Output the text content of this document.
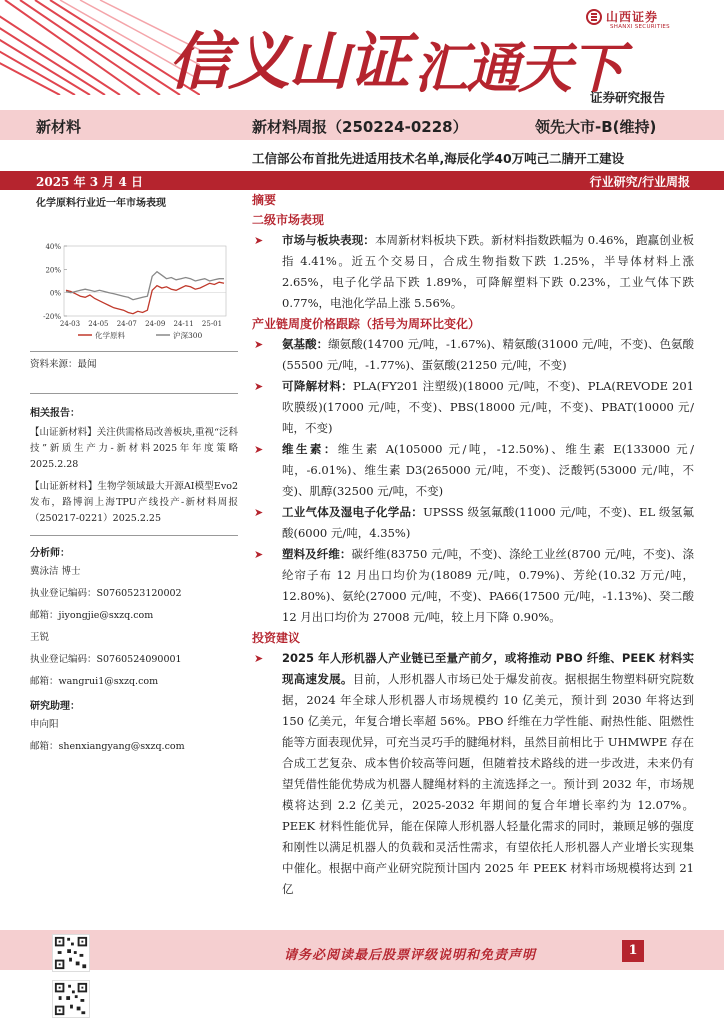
信义山证 汇通天下
山西证券
SHANXI SECURITIES
证券研究报告
新材料	新材料周报（250224-0228）	领先大市-B(维持)
工信部公布首批先进适用技术名单,海辰化学40万吨己二腈开工建设
2025 年 3 月 4 日	行业研究/行业周报
化学原料行业近一年市场表现
40%
20%
0%
-20%
24-03 24-05 24-07 24-09 24-11 25-01
化学原料	沪深300
资料来源：最闻
相关报告：
【山证新材料】关注供需格局改善板块,重视“泛科技”新质生产力-新材料2025年年度策略 2025.2.28
【山证新材料】生物学领域最大开源AI模型Evo2发布，路博润上海TPU产线投产-新材料周报（250217-0221）2025.2.25
分析师：
冀泳洁 博士
执业登记编码：S0760523120002
邮箱：jiyongjie@sxzq.com
王锐
执业登记编码：S0760524090001
邮箱：wangrui1@sxzq.com
研究助理：
申向阳
邮箱：shenxiangyang@sxzq.com
摘要
二级市场表现
➤ 市场与板块表现：本周新材料板块下跌。新材料指数跌幅为 0.46%，跑赢创业板指 4.41%。近五个交易日，合成生物指数下跌 1.25%，半导体材料上涨 2.65%，电子化学品下跌 1.89%，可降解塑料下跌 0.23%，工业气体下跌 0.77%，电池化学品上涨 5.56%。
产业链周度价格跟踪（括号为周环比变化）
➤ 氨基酸：缬氨酸(14700 元/吨，-1.67%)、精氨酸(31000 元/吨，不变)、色氨酸(55500 元/吨，-1.77%)、蛋氨酸(21250 元/吨，不变)
➤ 可降解材料：PLA(FY201 注塑级)(18000 元/吨，不变)、PLA(REVODE 201 吹膜级)(17000 元/吨，不变)、PBS(18000 元/吨，不变)、PBAT(10000 元/吨，不变)
➤ 维生素：维生素 A(105000 元/吨，-12.50%)、维生素 E(133000 元/吨，-6.01%)、维生素 D3(265000 元/吨，不变)、泛酸钙(53000 元/吨，不变)、肌醇(32500 元/吨，不变)
➤ 工业气体及湿电子化学品：UPSSS 级氢氟酸(11000 元/吨，不变)、EL 级氢氟酸(6000 元/吨，4.35%)
➤ 塑料及纤维：碳纤维(83750 元/吨，不变)、涤纶工业丝(8700 元/吨，不变)、涤纶帘子布 12 月出口均价为(18089 元/吨，0.79%)、芳纶(10.32 万元/吨，12.80%)、氨纶(27000 元/吨，不变)、PA66(17500 元/吨，-1.13%)、癸二酸 12 月出口均价为 27008 元/吨，较上月下降 0.90%。
投资建议
➤ 2025 年人形机器人产业链已至量产前夕，或将推动 PBO 纤维、PEEK 材料实现高速发展。目前，人形机器人市场已处于爆发前夜。据根据生物塑料研究院数据，2024 年全球人形机器人市场规模约 10 亿美元，预计到 2030 年将达到 150 亿美元，年复合增长率超 56%。PBO 纤维在力学性能、耐热性能、阻燃性能等方面表现优异，可充当灵巧手的腱绳材料，虽然目前相比于 UHMWPE 存在合成工艺复杂、成本售价较高等问题，但随着技术路线的进一步改进，未来仍有望凭借性能优势成为机器人腱绳材料的主流选择之一。预计到 2032 年，市场规模将达到 2.2 亿美元，2025-2032 年期间的复合年增长率约为 12.07%。PEEK 材料性能优异，能在保障人形机器人轻量化需求的同时，兼顾足够的强度和刚性以满足机器人的负载和灵活性需求，有望依托人形机器人产业增长实现集中催化。根据中商产业研究院预计国内 2025 年 PEEK 材料市场规模将达到 21 亿
请务必阅读最后股票评级说明和免责声明	1
